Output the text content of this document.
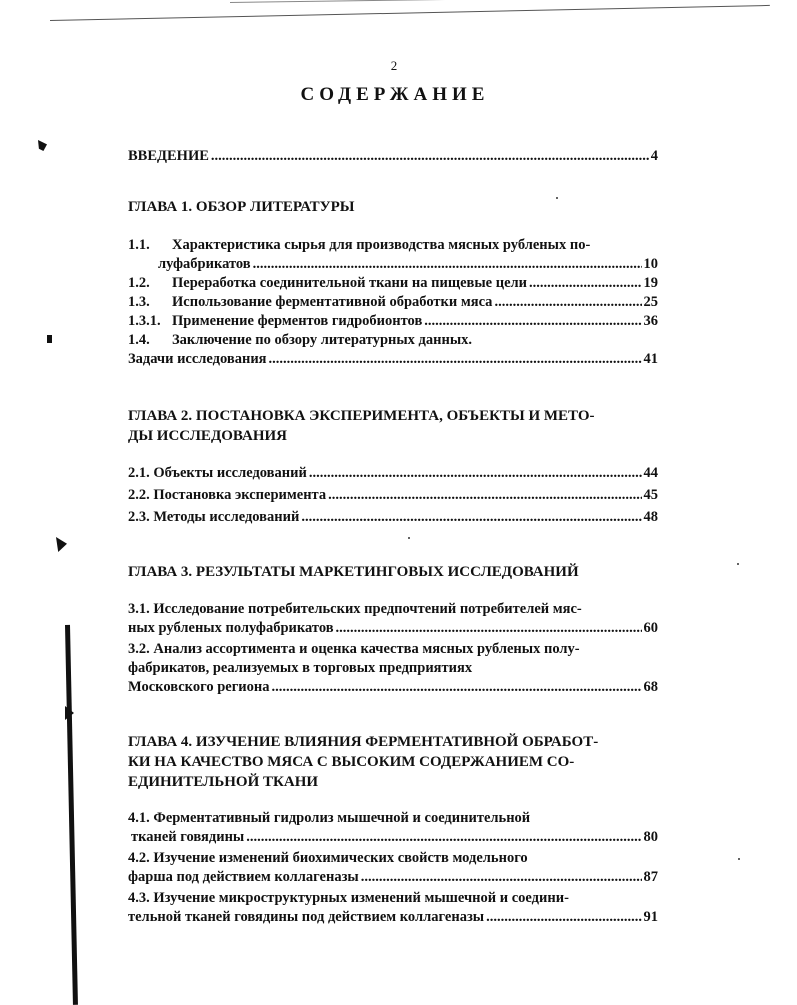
2
СОДЕРЖАНИЕ
ВВЕДЕНИЕ .....	4
ГЛАВА 1. ОБЗОР ЛИТЕРАТУРЫ
1.1.	Характеристика сырья для производства мясных рубленых по-
луфабрикатов .....	10
1.2.	Переработка соединительной ткани на пищевые цели .....	19
1.3.	Использование ферментативной обработки мяса .....	25
1.3.1. Применение ферментов гидробионтов .....	36
1.4.	Заключение по обзору литературных данных.
Задачи исследования .....	41
ГЛАВА 2. ПОСТАНОВКА ЭКСПЕРИМЕНТА, ОБЪЕКТЫ И МЕТО-
ДЫ ИССЛЕДОВАНИЯ
2.1. Объекты исследований .....	44
2.2. Постановка эксперимента .....	45
2.3. Методы исследований .....	48
ГЛАВА 3. РЕЗУЛЬТАТЫ МАРКЕТИНГОВЫХ ИССЛЕДОВАНИЙ
3.1. Исследование потребительских предпочтений потребителей мяс-
ных рубленых полуфабрикатов .....	60
3.2. Анализ ассортимента и оценка качества мясных рубленых полу-
фабрикатов, реализуемых в торговых предприятиях
Московского региона .....	68
ГЛАВА 4. ИЗУЧЕНИЕ ВЛИЯНИЯ ФЕРМЕНТАТИВНОЙ ОБРАБОТ-
КИ НА КАЧЕСТВО МЯСА С ВЫСОКИМ СОДЕРЖАНИЕМ СО-
ЕДИНИТЕЛЬНОЙ ТКАНИ
4.1. Ферментативный гидролиз мышечной и соединительной
тканей говядины .....	80
4.2. Изучение изменений биохимических свойств модельного
фарша под действием коллагеназы .....	87
4.3. Изучение микроструктурных изменений мышечной и соедини-
тельной тканей говядины под действием коллагеназы .....	91
